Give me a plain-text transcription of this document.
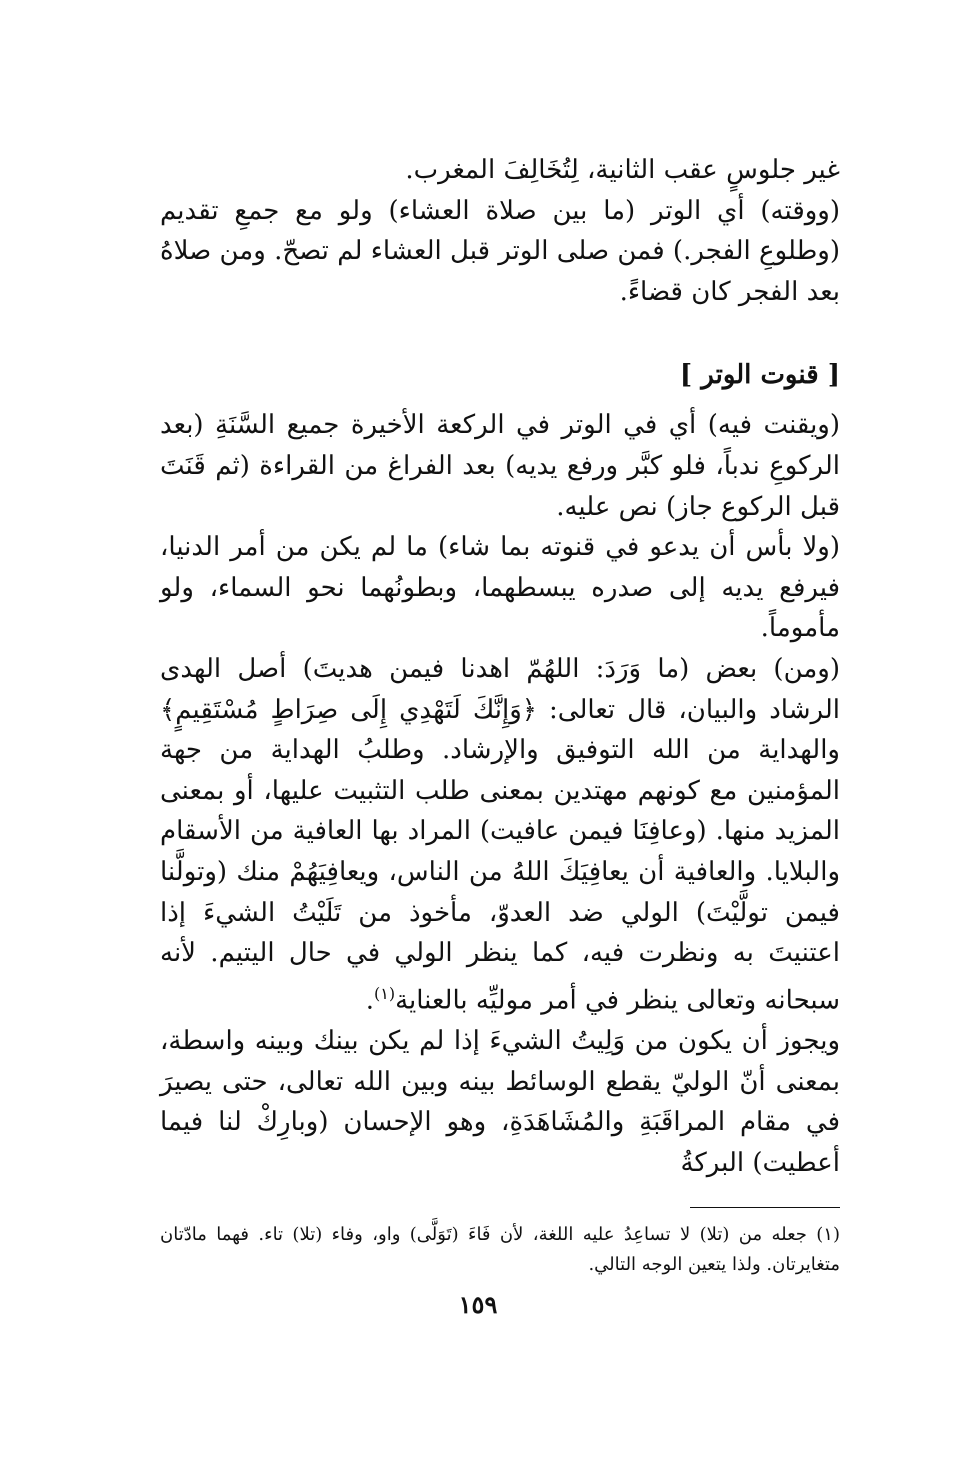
غير جلوسٍ عقب الثانية، لِتُخَالِفَ المغرب.

(ووقته) أي الوتر (ما بين صلاة العشاء) ولو مع جمعِ تقديم (وطلوعِ الفجر.) فمن صلى الوتر قبل العشاء لم تصحّ. ومن صلاهُ بعد الفجر كان قضاءً.

[ قنوت الوتر ]

(ويقنت فيه) أي في الوتر في الركعة الأخيرة جميع السَّنَةِ (بعد الركوعِ ندباً، فلو كبَّر ورفع يديه) بعد الفراغ من القراءة (ثم قَنَتَ قبل الركوع جاز) نص عليه.

(ولا بأس أن يدعو في قنوته بما شاء) ما لم يكن من أمر الدنيا، فيرفع يديه إلى صدره يبسطهما، وبطونُهما نحو السماء، ولو مأموماً.

(ومن) بعض (ما وَرَدَ: اللهُمّ اهدنا فيمن هديتَ) أصل الهدى الرشاد والبيان، قال تعالى: ﴿وَإِنَّكَ لَتَهْدِي إِلَى صِرَاطٍ مُسْتَقِيمٍ﴾ والهداية من الله التوفيق والإرشاد. وطلبُ الهداية من جهة المؤمنين مع كونهم مهتدين بمعنى طلب التثبيت عليها، أو بمعنى المزيد منها. (وعافِنَا فيمن عافيت) المراد بها العافية من الأسقام والبلايا. والعافية أن يعافِيَكَ اللهُ من الناس، ويعافِيَهُمْ منك (وتولَّنا فيمن تولَّيْتَ) الولي ضد العدوّ، مأخوذ من تَلَيْتُ الشيءَ إذا اعتنيتَ به ونظرت فيه، كما ينظر الولي في حال اليتيم. لأنه سبحانه وتعالى ينظر في أمر موليِّه بالعناية$^{(١)}$.

ويجوز أن يكون من وَلِيتُ الشيءَ إذا لم يكن بينك وبينه واسطة، بمعنى أنّ الوليّ يقطع الوسائط بينه وبين الله تعالى، حتى يصيرَ في مقام المراقَبَةِ والمُشَاهَدَةِ، وهو الإحسان (وبارِكْ لنا فيما أعطيت) البركةُ

(١) جعله من (تلا) لا تساعِدُ عليه اللغة، لأن فَاءَ (تَوَلَّى) واو، وفاء (تلا) تاء. فهما مادّتان متغايرتان. ولذا يتعين الوجه التالي.

١٥٩
